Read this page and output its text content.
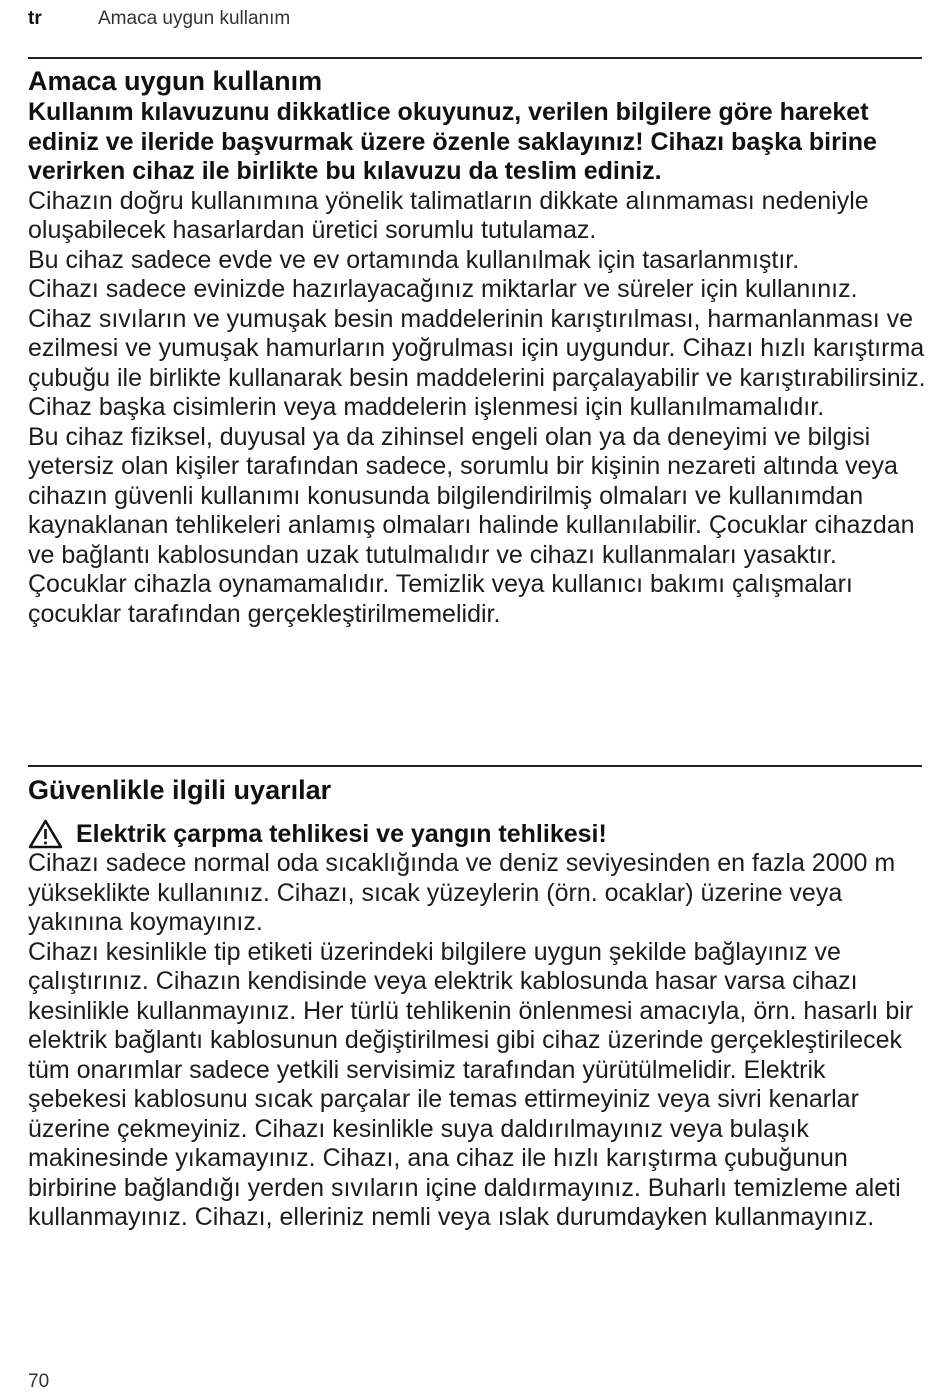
tr	Amaca uygun kullanım
Amaca uygun kullanım

Kullanım kılavuzunu dikkatlice okuyunuz, verilen bilgilere göre hareket ediniz ve ileride başvurmak üzere özenle saklayınız! Cihazı başka birine verirken cihaz ile birlikte bu kılavuzu da teslim ediniz.

Cihazın doğru kullanımına yönelik talimatların dikkate alınmaması nedeniyle oluşabilecek hasarlardan üretici sorumlu tutulamaz.

Bu cihaz sadece evde ve ev ortamında kullanılmak için tasarlanmıştır.

Cihazı sadece evinizde hazırlayacağınız miktarlar ve süreler için kullanınız.

Cihaz sıvıların ve yumuşak besin maddelerinin karıştırılması, harmanlanması ve ezilmesi ve yumuşak hamurların yoğrulması için uygundur. Cihazı hızlı karıştırma çubuğu ile birlikte kullanarak besin maddelerini parçalayabilir ve karıştırabilirsiniz. Cihaz başka cisimlerin veya maddelerin işlenmesi için kullanılmamalıdır.

Bu cihaz fiziksel, duyusal ya da zihinsel engeli olan ya da deneyimi ve bilgisi yetersiz olan kişiler tarafından sadece, sorumlu bir kişinin nezareti altında veya cihazın güvenli kullanımı konusunda bilgilendirilmiş olmaları ve kullanımdan kaynaklanan tehlikeleri anlamış olmaları halinde kullanılabilir. Çocuklar cihazdan ve bağlantı kablosundan uzak tutulmalıdır ve cihazı kullanmaları yasaktır. Çocuklar cihazla oynamamalıdır. Temizlik veya kullanıcı bakımı çalışmaları çocuklar tarafından gerçekleştirilmemelidir.

Güvenlikle ilgili uyarılar
Elektrik çarpma tehlikesi ve yangın tehlikesi!

Cihazı sadece normal oda sıcaklığında ve deniz seviyesinden en fazla 2000 m yükseklikte kullanınız. Cihazı, sıcak yüzeylerin (örn. ocaklar) üzerine veya yakınına koymayınız.

Cihazı kesinlikle tip etiketi üzerindeki bilgilere uygun şekilde bağlayınız ve çalıştırınız. Cihazın kendisinde veya elektrik kablosunda hasar varsa cihazı kesinlikle kullanmayınız. Her türlü tehlikenin önlenmesi amacıyla, örn. hasarlı bir elektrik bağlantı kablosunun değiştirilmesi gibi cihaz üzerinde gerçekleştirilecek tüm onarımlar sadece yetkili servisimiz tarafından yürütülmelidir. Elektrik şebekesi kablosunu sıcak parçalar ile temas ettirmeyiniz veya sivri kenarlar üzerine çekmeyiniz. Cihazı kesinlikle suya daldırılmayınız veya bulaşık makinesinde yıkamayınız. Cihazı, ana cihaz ile hızlı karıştırma çubuğunun birbirine bağlandığı yerden sıvıların içine daldırmayınız. Buharlı temizleme aleti kullanmayınız. Cihazı, elleriniz nemli veya ıslak durumdayken kullanmayınız.

70
